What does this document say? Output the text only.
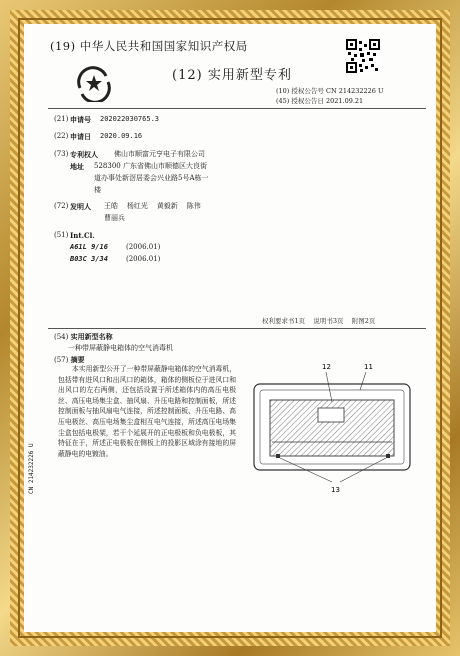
(19) 中华人民共和国国家知识产权局
(12) 实用新型专利
(10) 授权公告号 CN 214232226 U
(45) 授权公告日 2021.09.21
(21) 申请号	202022030765.3
(22) 申请日	2020.09.16
(73) 专利权人	佛山市顺富元亨电子有限公司
地址 528300 广东省佛山市顺德区大良街
道办事处新滘居委会兴业路5号A栋一
楼
(72) 发明人	王皓    杨红光    黄毅新    陈伟
曹丽兵
(51) Int.Cl.
A61L 9/16	(2006.01)
B03C 3/34	(2006.01)
权利要求书1页    说明书3页    附图2页
(54) 实用新型名称
一种带屏蔽静电箱体的空气消毒机
(57) 摘要
本实用新型公开了一种带屏蔽静电箱体的空气消毒机，包括带有进风口和出风口的箱体，箱体的侧板位于进风口和出风口的左右两侧，还包括设置于所述箱体内的高压电极丝、高压电场集尘盒、抽风扇、升压电路和控制面板，所述控制面板与抽风扇电气连接，所述控制面板、升压电路、高压电极丝、高压电场集尘盒相互电气连接，所述高压电场集尘盒包括电极架，若干个延展开的正电极板和负电极板，其特征在于，所述正电极板在侧板上的投影区域涂有接地的屏蔽静电的电镀油。
12	11
13
CN 214232226 U
